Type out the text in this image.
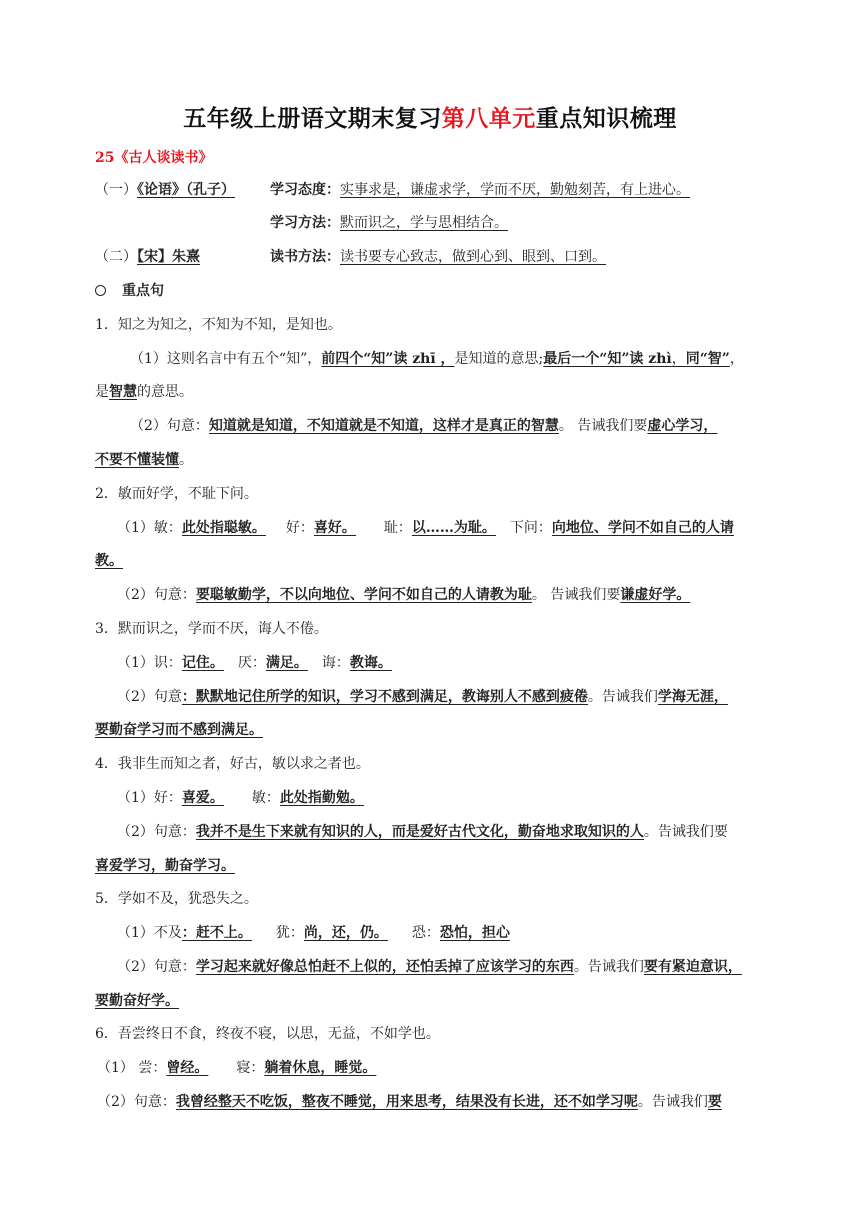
五年级上册语文期末复习第八单元重点知识梳理
25《古人谈读书》
（一）《论语》（孔子）	学习态度：实事求是，谦虚求学，学而不厌，勤勉刻苦，有上进心。
学习方法：默而识之，学与思相结合。
（二）【宋】朱熹	读书方法：读书要专心致志，做到心到、眼到、口到。
重点句
1．知之为知之，不知为不知，是知也。
（1）这则名言中有五个“知”，前四个“知”读 zhī ，是知道的意思;最后一个“知”读 zhì，同“智”，
是智慧的意思。
（2）句意：知道就是知道，不知道就是不知道，这样才是真正的智慧。 告诫我们要虚心学习，
不要不懂装懂。
2．敏而好学，不耻下问。
（1）敏：此处指聪敏。 好：喜好。 耻：以……为耻。 下问：向地位、学问不如自己的人请
教。
（2）句意：要聪敏勤学，不以向地位、学问不如自己的人请教为耻。 告诫我们要谦虚好学。
3．默而识之，学而不厌，诲人不倦。
（1）识：记住。 厌：满足。 诲：教诲。
（2）句意：默默地记住所学的知识，学习不感到满足，教诲别人不感到疲倦。告诫我们学海无涯，
要勤奋学习而不感到满足。
4．我非生而知之者，好古，敏以求之者也。
（1）好：喜爱。 敏：此处指勤勉。
（2）句意：我并不是生下来就有知识的人，而是爱好古代文化，勤奋地求取知识的人。告诫我们要
喜爱学习，勤奋学习。
5．学如不及，犹恐失之。
（1）不及：赶不上。 犹：尚，还，仍。 恐：恐怕，担心
（2）句意：学习起来就好像总怕赶不上似的，还怕丢掉了应该学习的东西。告诫我们要有紧迫意识，
要勤奋好学。
6．吾尝终日不食，终夜不寝，以思，无益，不如学也。
（1） 尝：曾经。 寝：躺着休息，睡觉。
（2）句意：我曾经整天不吃饭，整夜不睡觉，用来思考，结果没有长进，还不如学习呢。告诫我们要
